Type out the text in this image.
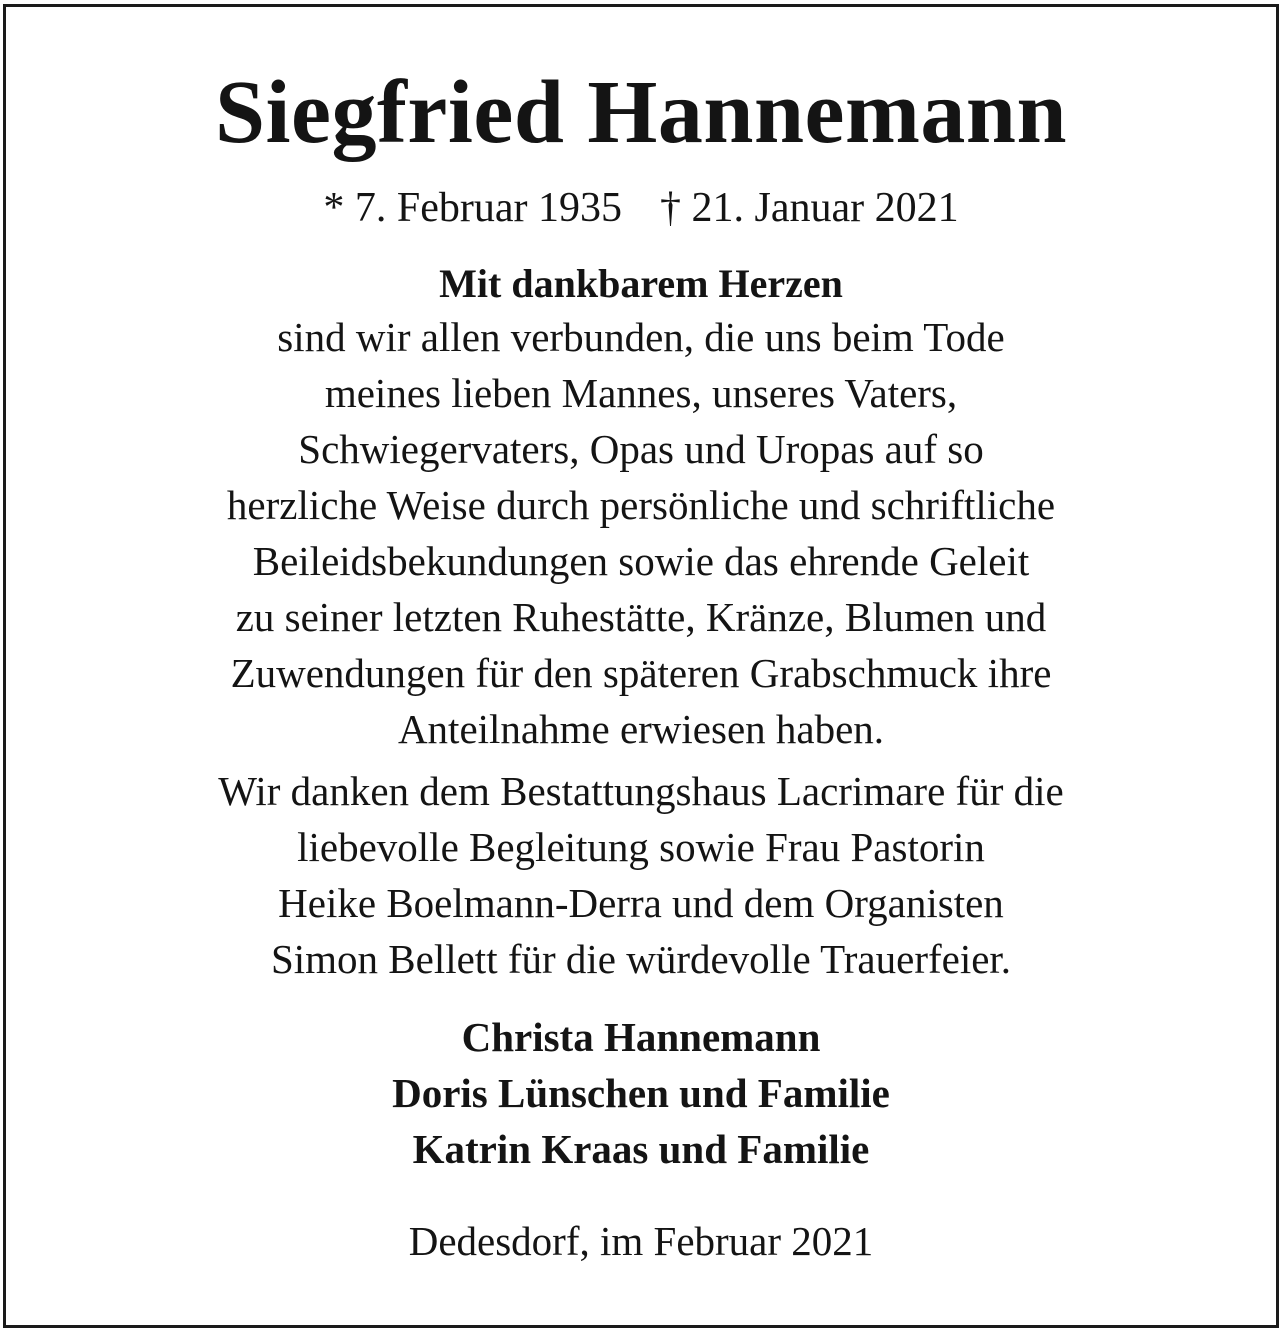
Siegfried Hannemann
* 7. Februar 1935 † 21. Januar 2021
Mit dankbarem Herzen
sind wir allen verbunden, die uns beim Tode
meines lieben Mannes, unseres Vaters,
Schwiegervaters, Opas und Uropas auf so
herzliche Weise durch persönliche und schriftliche
Beileidsbekundungen sowie das ehrende Geleit
zu seiner letzten Ruhestätte, Kränze, Blumen und
Zuwendungen für den späteren Grabschmuck ihre
Anteilnahme erwiesen haben.
Wir danken dem Bestattungshaus Lacrimare für die
liebevolle Begleitung sowie Frau Pastorin
Heike Boelmann-Derra und dem Organisten
Simon Bellett für die würdevolle Trauerfeier.
Christa Hannemann
Doris Lünschen und Familie
Katrin Kraas und Familie
Dedesdorf, im Februar 2021
